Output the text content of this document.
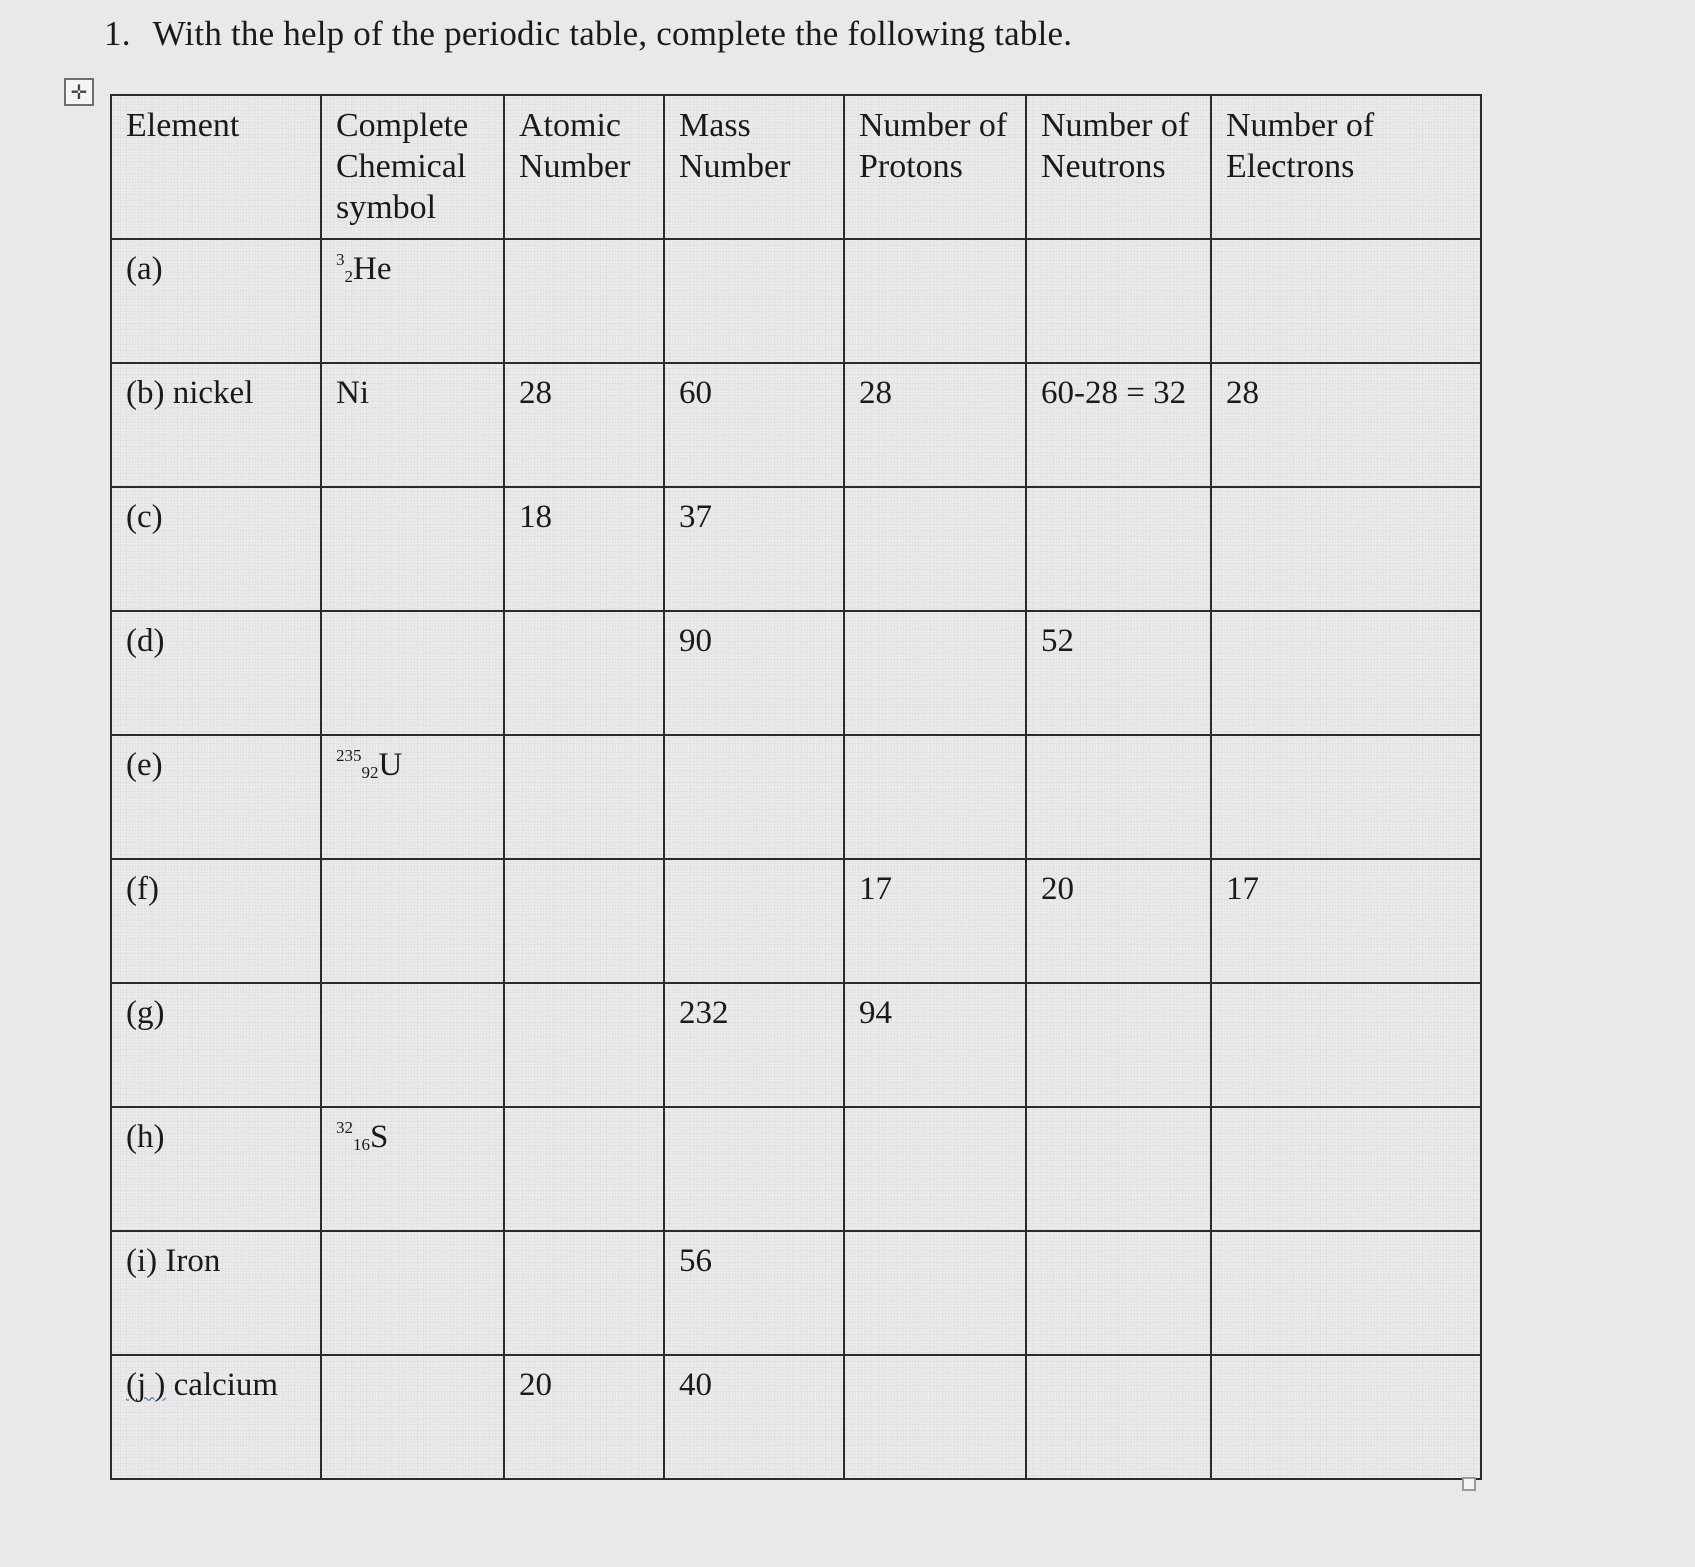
1. With the help of the periodic table, complete the following table.
✛
Element	Complete Chemical symbol	Atomic Number	Mass Number	Number of Protons	Number of Neutrons	Number of Electrons
(a)	$^3_2$He					
(b) nickel	Ni	28	60	28	60-28 = 32	28
(c)		18	37			
(d)			90		52	
(e)	$^{235}_{92}$U					
(f)				17	20	17
(g)			232	94		
(h)	$^{32}_{16}$S					
(i) Iron			56			
(j ) calcium		20	40			
